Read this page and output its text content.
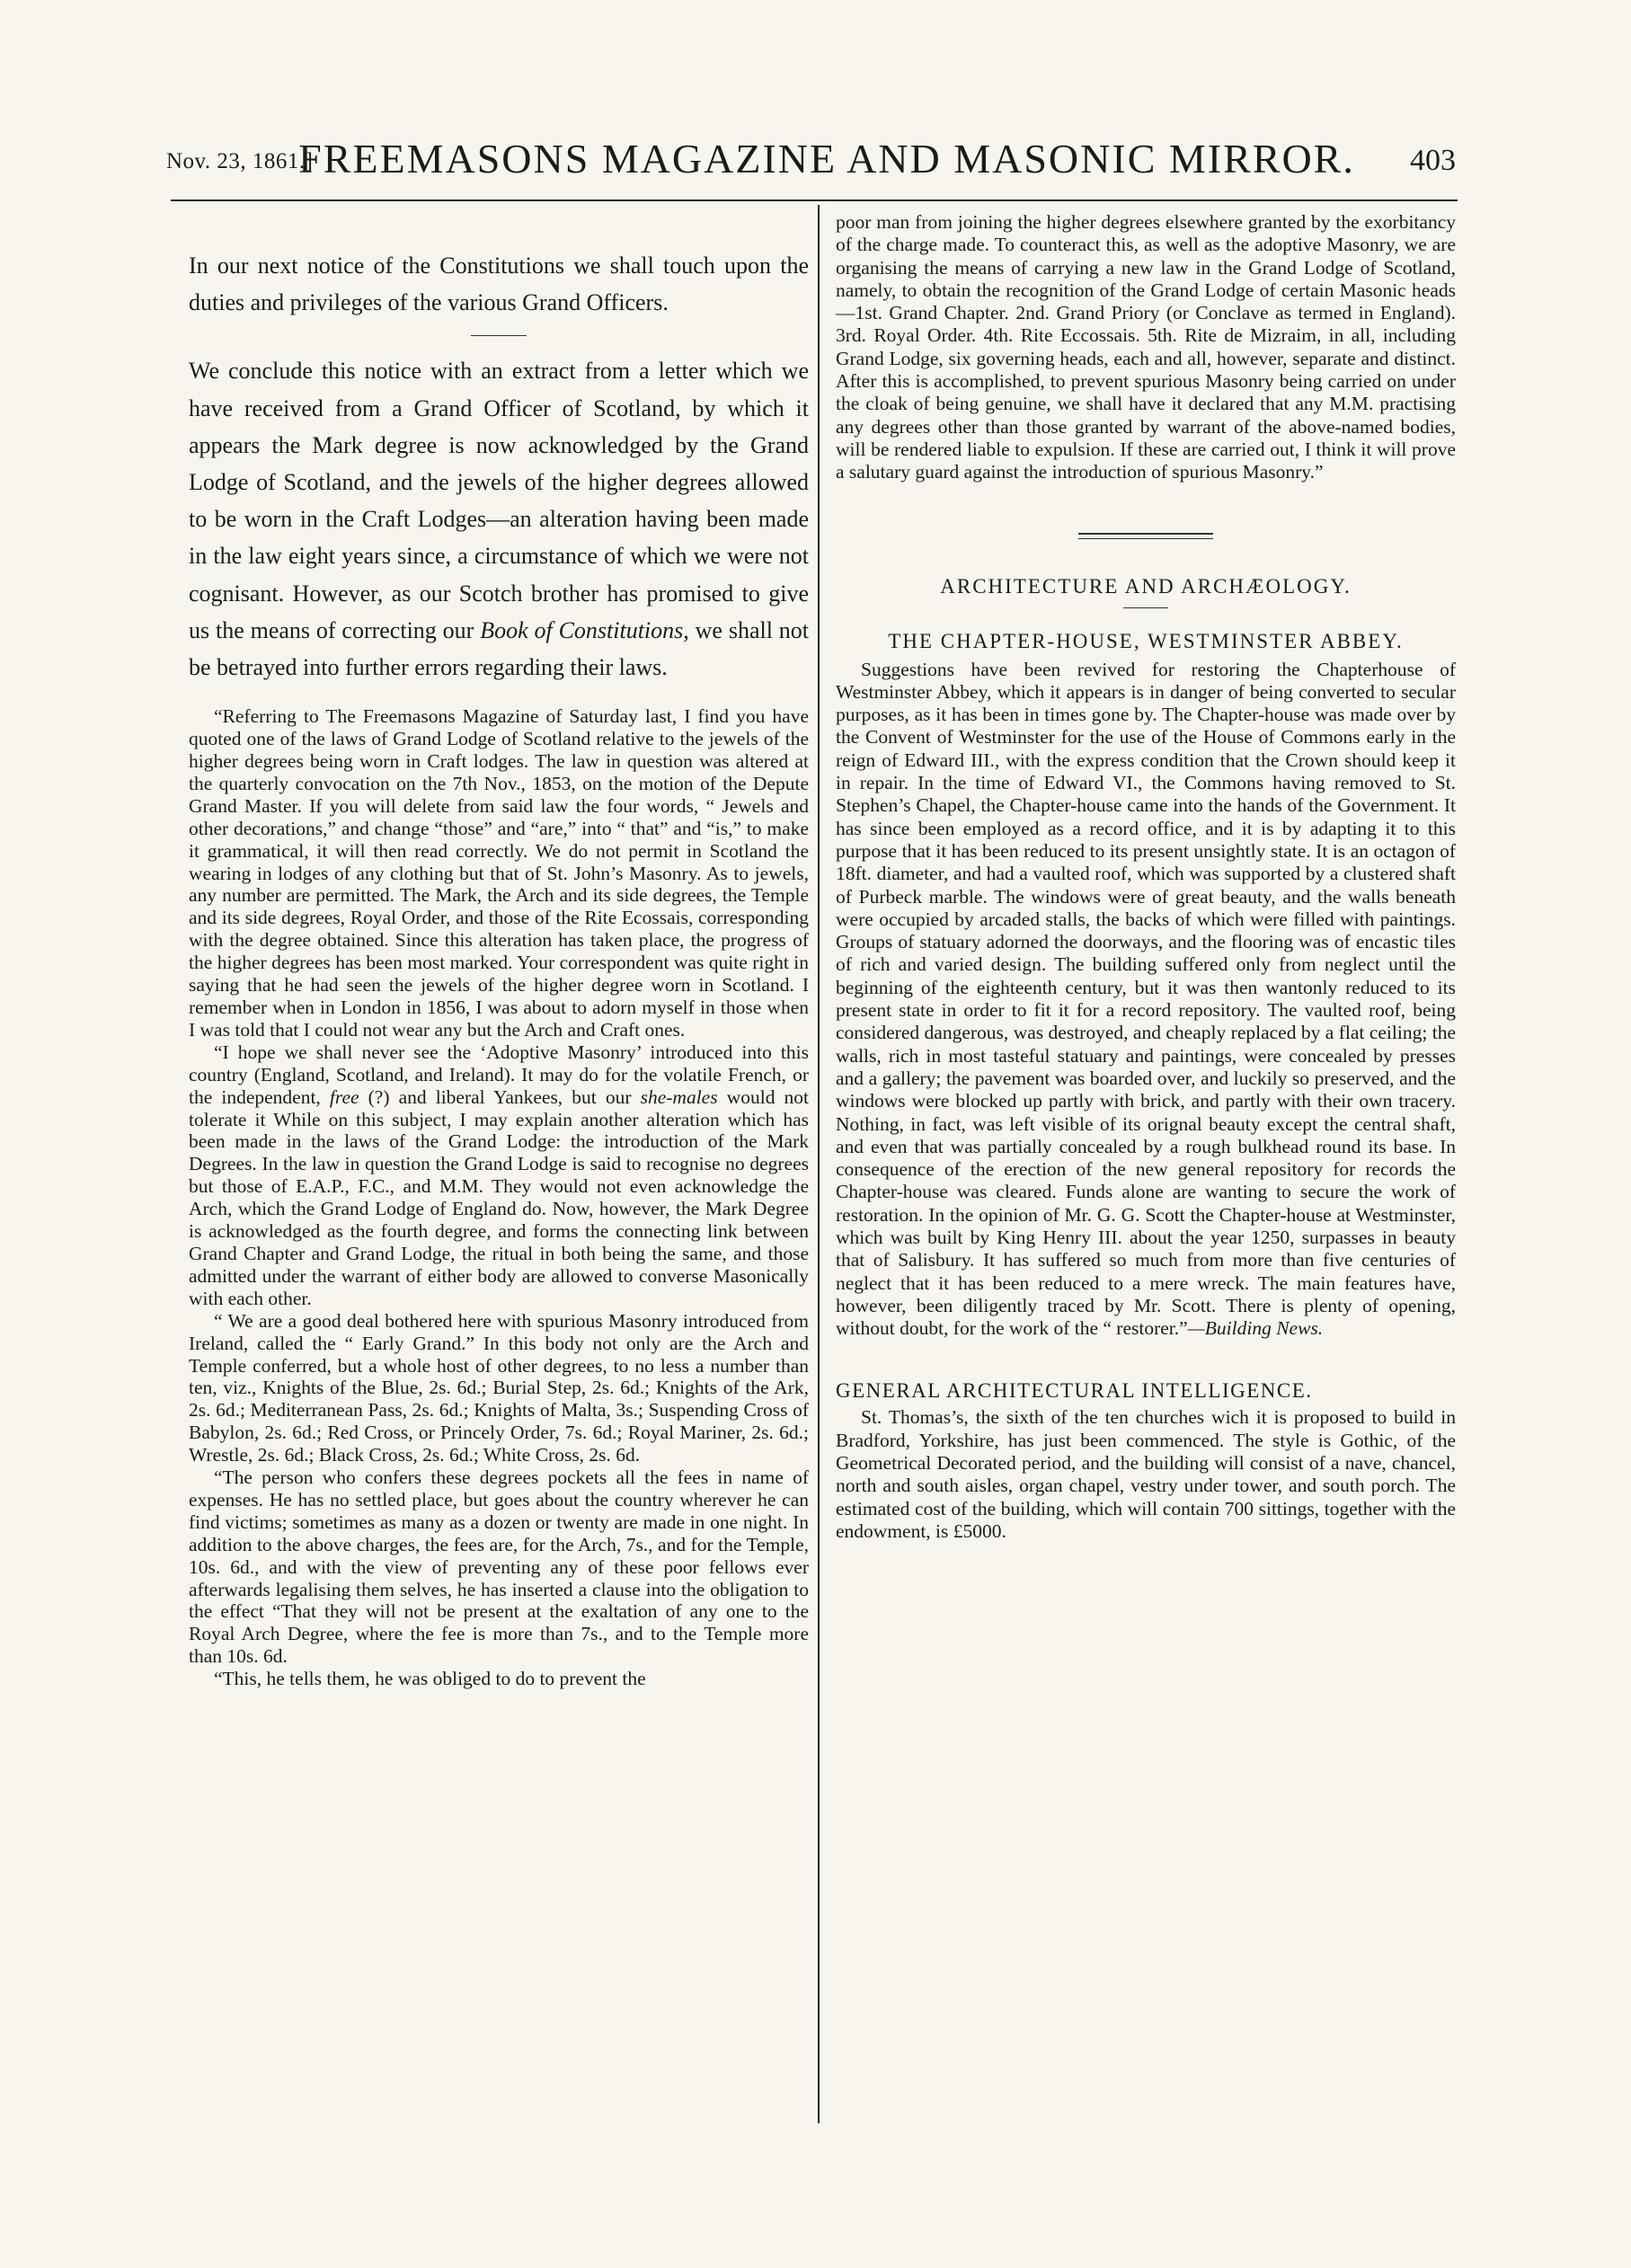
Nov. 23, 1861.]
FREEMASONS MAGAZINE AND MASONIC MIRROR.	403

In our next notice of the Constitutions we shall touch upon the duties and privileges of the various Grand Officers.

We conclude this notice with an extract from a letter which we have received from a Grand Officer of Scotland, by which it appears the Mark degree is now acknowledged by the Grand Lodge of Scotland, and the jewels of the higher degrees allowed to be worn in the Craft Lodges—an alteration having been made in the law eight years since, a circumstance of which we were not cognisant. However, as our Scotch brother has promised to give us the means of correcting our Book of Constitutions, we shall not be betrayed into further errors regarding their laws.

“Referring to The Freemasons Magazine of Saturday last, I find you have quoted one of the laws of Grand Lodge of Scotland relative to the jewels of the higher degrees being worn in Craft lodges. The law in question was altered at the quarterly convocation on the 7th Nov., 1853, on the motion of the Depute Grand Master. If you will delete from said law the four words, “ Jewels and other decorations,” and change “those” and “are,” into “ that” and “is,” to make it grammatical, it will then read correctly. We do not permit in Scotland the wearing in lodges of any clothing but that of St. John’s Masonry. As to jewels, any number are permitted. The Mark, the Arch and its side degrees, the Temple and its side degrees, Royal Order, and those of the Rite Ecossais, corresponding with the degree obtained. Since this alteration has taken place, the progress of the higher degrees has been most marked. Your correspondent was quite right in saying that he had seen the jewels of the higher degree worn in Scotland. I remember when in London in 1856, I was about to adorn myself in those when I was told that I could not wear any but the Arch and Craft ones.

“I hope we shall never see the ‘Adoptive Masonry’ introduced into this country (England, Scotland, and Ireland). It may do for the volatile French, or the independent, free (?) and liberal Yankees, but our she-males would not tolerate it While on this subject, I may explain another alteration which has been made in the laws of the Grand Lodge: the introduction of the Mark Degrees. In the law in question the Grand Lodge is said to recognise no degrees but those of E.A.P., F.C., and M.M. They would not even acknowledge the Arch, which the Grand Lodge of England do. Now, however, the Mark Degree is acknowledged as the fourth degree, and forms the connecting link between Grand Chapter and Grand Lodge, the ritual in both being the same, and those admitted under the warrant of either body are allowed to converse Masonically with each other.

“ We are a good deal bothered here with spurious Masonry introduced from Ireland, called the “ Early Grand.” In this body not only are the Arch and Temple conferred, but a whole host of other degrees, to no less a number than ten, viz., Knights of the Blue, 2s. 6d.; Burial Step, 2s. 6d.; Knights of the Ark, 2s. 6d.; Mediterranean Pass, 2s. 6d.; Knights of Malta, 3s.; Suspending Cross of Babylon, 2s. 6d.; Red Cross, or Princely Order, 7s. 6d.; Royal Mariner, 2s. 6d.; Wrestle, 2s. 6d.; Black Cross, 2s. 6d.; White Cross, 2s. 6d.

“The person who confers these degrees pockets all the fees in name of expenses. He has no settled place, but goes about the country wherever he can find victims; sometimes as many as a dozen or twenty are made in one night. In addition to the above charges, the fees are, for the Arch, 7s., and for the Temple, 10s. 6d., and with the view of preventing any of these poor fellows ever afterwards legalising them selves, he has inserted a clause into the obligation to the effect “That they will not be present at the exaltation of any one to the Royal Arch Degree, where the fee is more than 7s., and to the Temple more than 10s. 6d.

“This, he tells them, he was obliged to do to prevent the

poor man from joining the higher degrees elsewhere granted by the exorbitancy of the charge made. To counteract this, as well as the adoptive Masonry, we are organising the means of carrying a new law in the Grand Lodge of Scotland, namely, to obtain the recognition of the Grand Lodge of certain Masonic heads—1st. Grand Chapter. 2nd. Grand Priory (or Conclave as termed in England). 3rd. Royal Order. 4th. Rite Eccossais. 5th. Rite de Mizraim, in all, including Grand Lodge, six governing heads, each and all, however, separate and distinct. After this is accomplished, to prevent spurious Masonry being carried on under the cloak of being genuine, we shall have it declared that any M.M. practising any degrees other than those granted by warrant of the above-named bodies, will be rendered liable to expulsion. If these are carried out, I think it will prove a salutary guard against the introduction of spurious Masonry.”

ARCHITECTURE AND ARCHÆOLOGY.
THE CHAPTER-HOUSE, WESTMINSTER ABBEY.

Suggestions have been revived for restoring the Chapterhouse of Westminster Abbey, which it appears is in danger of being converted to secular purposes, as it has been in times gone by. The Chapter-house was made over by the Convent of Westminster for the use of the House of Commons early in the reign of Edward III., with the express condition that the Crown should keep it in repair. In the time of Edward VI., the Commons having removed to St. Stephen’s Chapel, the Chapter-house came into the hands of the Government. It has since been employed as a record office, and it is by adapting it to this purpose that it has been reduced to its present unsightly state. It is an octagon of 18ft. diameter, and had a vaulted roof, which was supported by a clustered shaft of Purbeck marble. The windows were of great beauty, and the walls beneath were occupied by arcaded stalls, the backs of which were filled with paintings. Groups of statuary adorned the doorways, and the flooring was of encastic tiles of rich and varied design. The building suffered only from neglect until the beginning of the eighteenth century, but it was then wantonly reduced to its present state in order to fit it for a record repository. The vaulted roof, being considered dangerous, was destroyed, and cheaply replaced by a flat ceiling; the walls, rich in most tasteful statuary and paintings, were concealed by presses and a gallery; the pavement was boarded over, and luckily so preserved, and the windows were blocked up partly with brick, and partly with their own tracery. Nothing, in fact, was left visible of its orignal beauty except the central shaft, and even that was partially concealed by a rough bulkhead round its base. In consequence of the erection of the new general repository for records the Chapter-house was cleared. Funds alone are wanting to secure the work of restoration. In the opinion of Mr. G. G. Scott the Chapter-house at Westminster, which was built by King Henry III. about the year 1250, surpasses in beauty that of Salisbury. It has suffered so much from more than five centuries of neglect that it has been reduced to a mere wreck. The main features have, however, been diligently traced by Mr. Scott. There is plenty of opening, without doubt, for the work of the “ restorer.”—Building News.

GENERAL ARCHITECTURAL INTELLIGENCE.

St. Thomas’s, the sixth of the ten churches wich it is proposed to build in Bradford, Yorkshire, has just been commenced. The style is Gothic, of the Geometrical Decorated period, and the building will consist of a nave, chancel, north and south aisles, organ chapel, vestry under tower, and south porch. The estimated cost of the building, which will contain 700 sittings, together with the endowment, is £5000.
